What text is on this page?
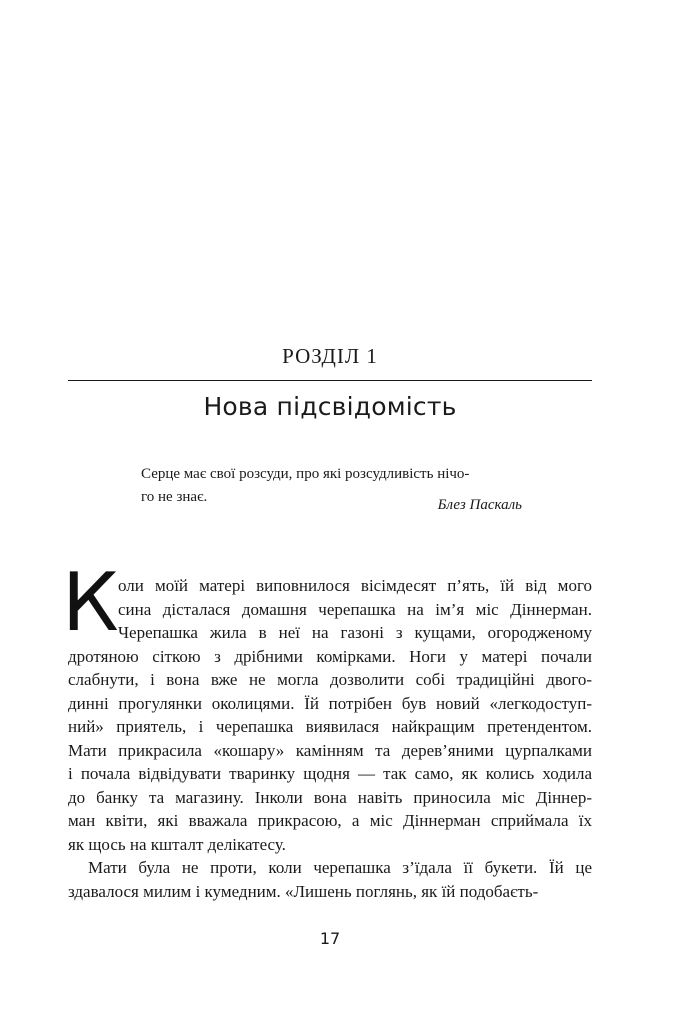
РОЗДІЛ 1
Нова підсвідомість
Серце має свої розсуди, про які розсудливість нічо-
го не знає.	Блез Паскаль
К оли моїй матері виповнилося вісімдесят п’ять, їй від мого
сина дісталася домашня черепашка на ім’я міс Діннерман.
Черепашка жила в неї на газоні з кущами, огородженому
дротяною сіткою з дрібними комірками. Ноги у матері почали
слабнути, і вона вже не могла дозволити собі традиційні двого-
динні прогулянки околицями. Їй потрібен був новий «легкодоступ-
ний» приятель, і черепашка виявилася найкращим претендентом.
Мати прикрасила «кошару» камінням та дерев’яними цурпалками
і почала відвідувати тваринку щодня — так само, як колись ходила
до банку та магазину. Інколи вона навіть приносила міс Діннер-
ман квіти, які вважала прикрасою, а міс Діннерман сприймала їх
як щось на кшталт делікатесу.
Мати була не проти, коли черепашка з’їдала її букети. Їй це
здавалося милим і кумедним. «Лишень поглянь, як їй подобаєть-
17
